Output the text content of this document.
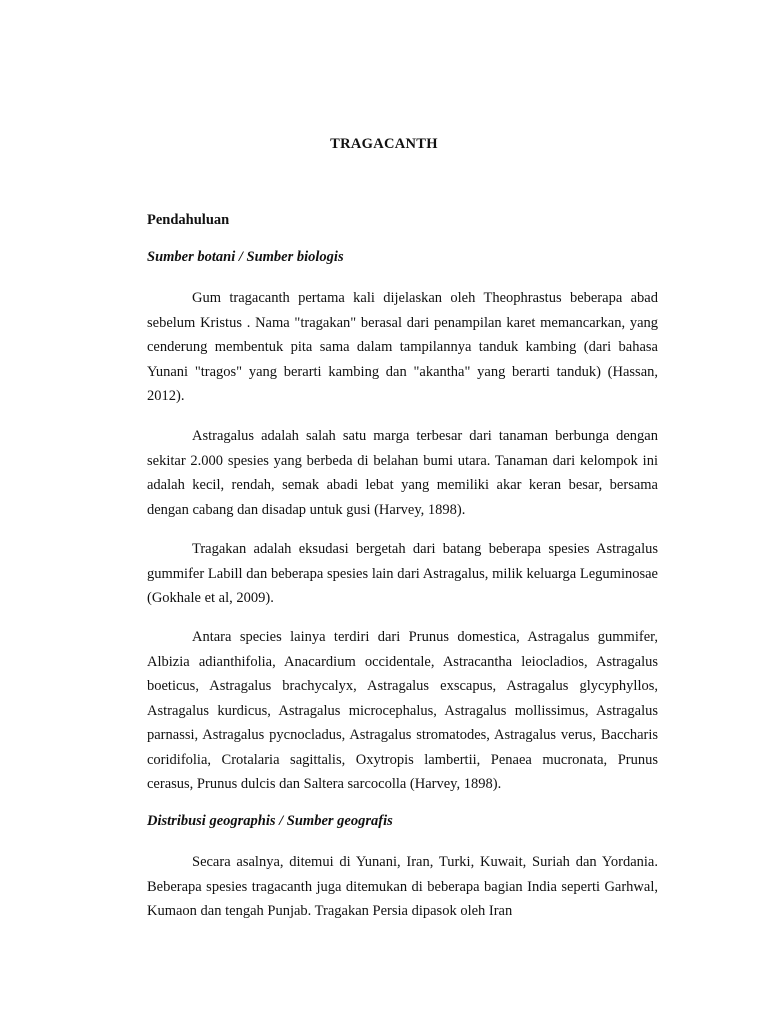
TRAGACANTH

Pendahuluan

Sumber botani / Sumber biologis

Gum tragacanth pertama kali dijelaskan oleh Theophrastus beberapa abad sebelum Kristus . Nama "tragakan" berasal dari penampilan karet memancarkan, yang cenderung membentuk pita sama dalam tampilannya tanduk kambing (dari bahasa Yunani "tragos" yang berarti kambing dan "akantha" yang berarti tanduk) (Hassan, 2012).

Astragalus adalah salah satu marga terbesar dari tanaman berbunga dengan sekitar 2.000 spesies yang berbeda di belahan bumi utara. Tanaman dari kelompok ini adalah kecil, rendah, semak abadi lebat yang memiliki akar keran besar, bersama dengan cabang dan disadap untuk gusi (Harvey, 1898).

Tragakan adalah eksudasi bergetah dari batang beberapa spesies Astragalus gummifer Labill dan beberapa spesies lain dari Astragalus, milik keluarga Leguminosae (Gokhale et al, 2009).

Antara species lainya terdiri dari Prunus domestica, Astragalus gummifer, Albizia adianthifolia, Anacardium occidentale, Astracantha leiocladios, Astragalus boeticus, Astragalus brachycalyx, Astragalus exscapus, Astragalus glycyphyllos, Astragalus kurdicus, Astragalus microcephalus, Astragalus mollissimus, Astragalus parnassi, Astragalus pycnocladus, Astragalus stromatodes, Astragalus verus, Baccharis coridifolia, Crotalaria sagittalis, Oxytropis lambertii, Penaea mucronata, Prunus cerasus, Prunus dulcis dan Saltera sarcocolla (Harvey, 1898).

Distribusi geographis / Sumber geografis

Secara asalnya, ditemui di Yunani, Iran, Turki, Kuwait, Suriah dan Yordania. Beberapa spesies tragacanth juga ditemukan di beberapa bagian India seperti Garhwal, Kumaon dan tengah Punjab. Tragakan Persia dipasok oleh Iran
